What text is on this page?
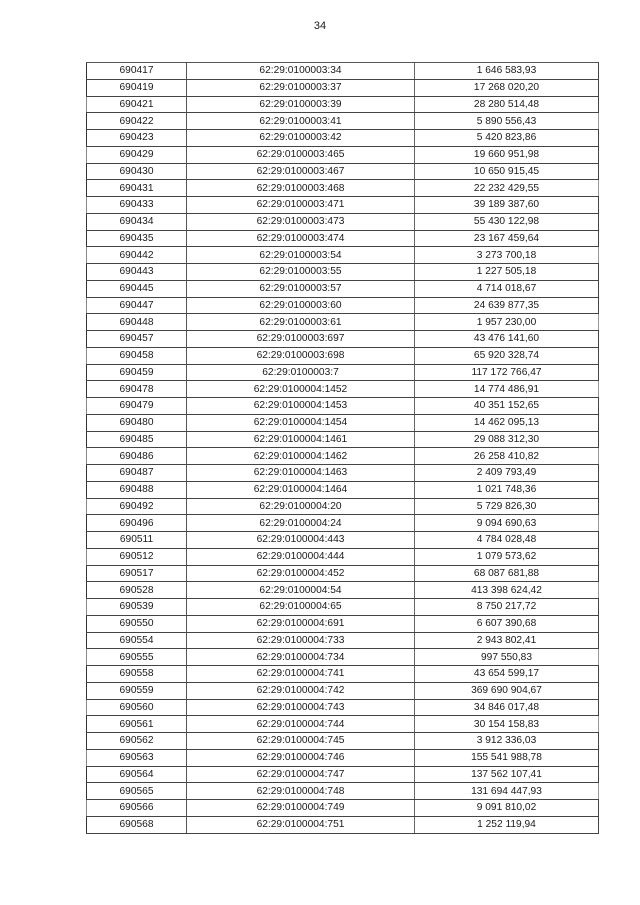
34
690417	62:29:0100003:34	1 646 583,93
690419	62:29:0100003:37	17 268 020,20
690421	62:29:0100003:39	28 280 514,48
690422	62:29:0100003:41	5 890 556,43
690423	62:29:0100003:42	5 420 823,86
690429	62:29:0100003:465	19 660 951,98
690430	62:29:0100003:467	10 650 915,45
690431	62:29:0100003:468	22 232 429,55
690433	62:29:0100003:471	39 189 387,60
690434	62:29:0100003:473	55 430 122,98
690435	62:29:0100003:474	23 167 459,64
690442	62:29:0100003:54	3 273 700,18
690443	62:29:0100003:55	1 227 505,18
690445	62:29:0100003:57	4 714 018,67
690447	62:29:0100003:60	24 639 877,35
690448	62:29:0100003:61	1 957 230,00
690457	62:29:0100003:697	43 476 141,60
690458	62:29:0100003:698	65 920 328,74
690459	62:29:0100003:7	117 172 766,47
690478	62:29:0100004:1452	14 774 486,91
690479	62:29:0100004:1453	40 351 152,65
690480	62:29:0100004:1454	14 462 095,13
690485	62:29:0100004:1461	29 088 312,30
690486	62:29:0100004:1462	26 258 410,82
690487	62:29:0100004:1463	2 409 793,49
690488	62:29:0100004:1464	1 021 748,36
690492	62:29:0100004:20	5 729 826,30
690496	62:29:0100004:24	9 094 690,63
690511	62:29:0100004:443	4 784 028,48
690512	62:29:0100004:444	1 079 573,62
690517	62:29:0100004:452	68 087 681,88
690528	62:29:0100004:54	413 398 624,42
690539	62:29:0100004:65	8 750 217,72
690550	62:29:0100004:691	6 607 390,68
690554	62:29:0100004:733	2 943 802,41
690555	62:29:0100004:734	997 550,83
690558	62:29:0100004:741	43 654 599,17
690559	62:29:0100004:742	369 690 904,67
690560	62:29:0100004:743	34 846 017,48
690561	62:29:0100004:744	30 154 158,83
690562	62:29:0100004:745	3 912 336,03
690563	62:29:0100004:746	155 541 988,78
690564	62:29:0100004:747	137 562 107,41
690565	62:29:0100004:748	131 694 447,93
690566	62:29:0100004:749	9 091 810,02
690568	62:29:0100004:751	1 252 119,94
